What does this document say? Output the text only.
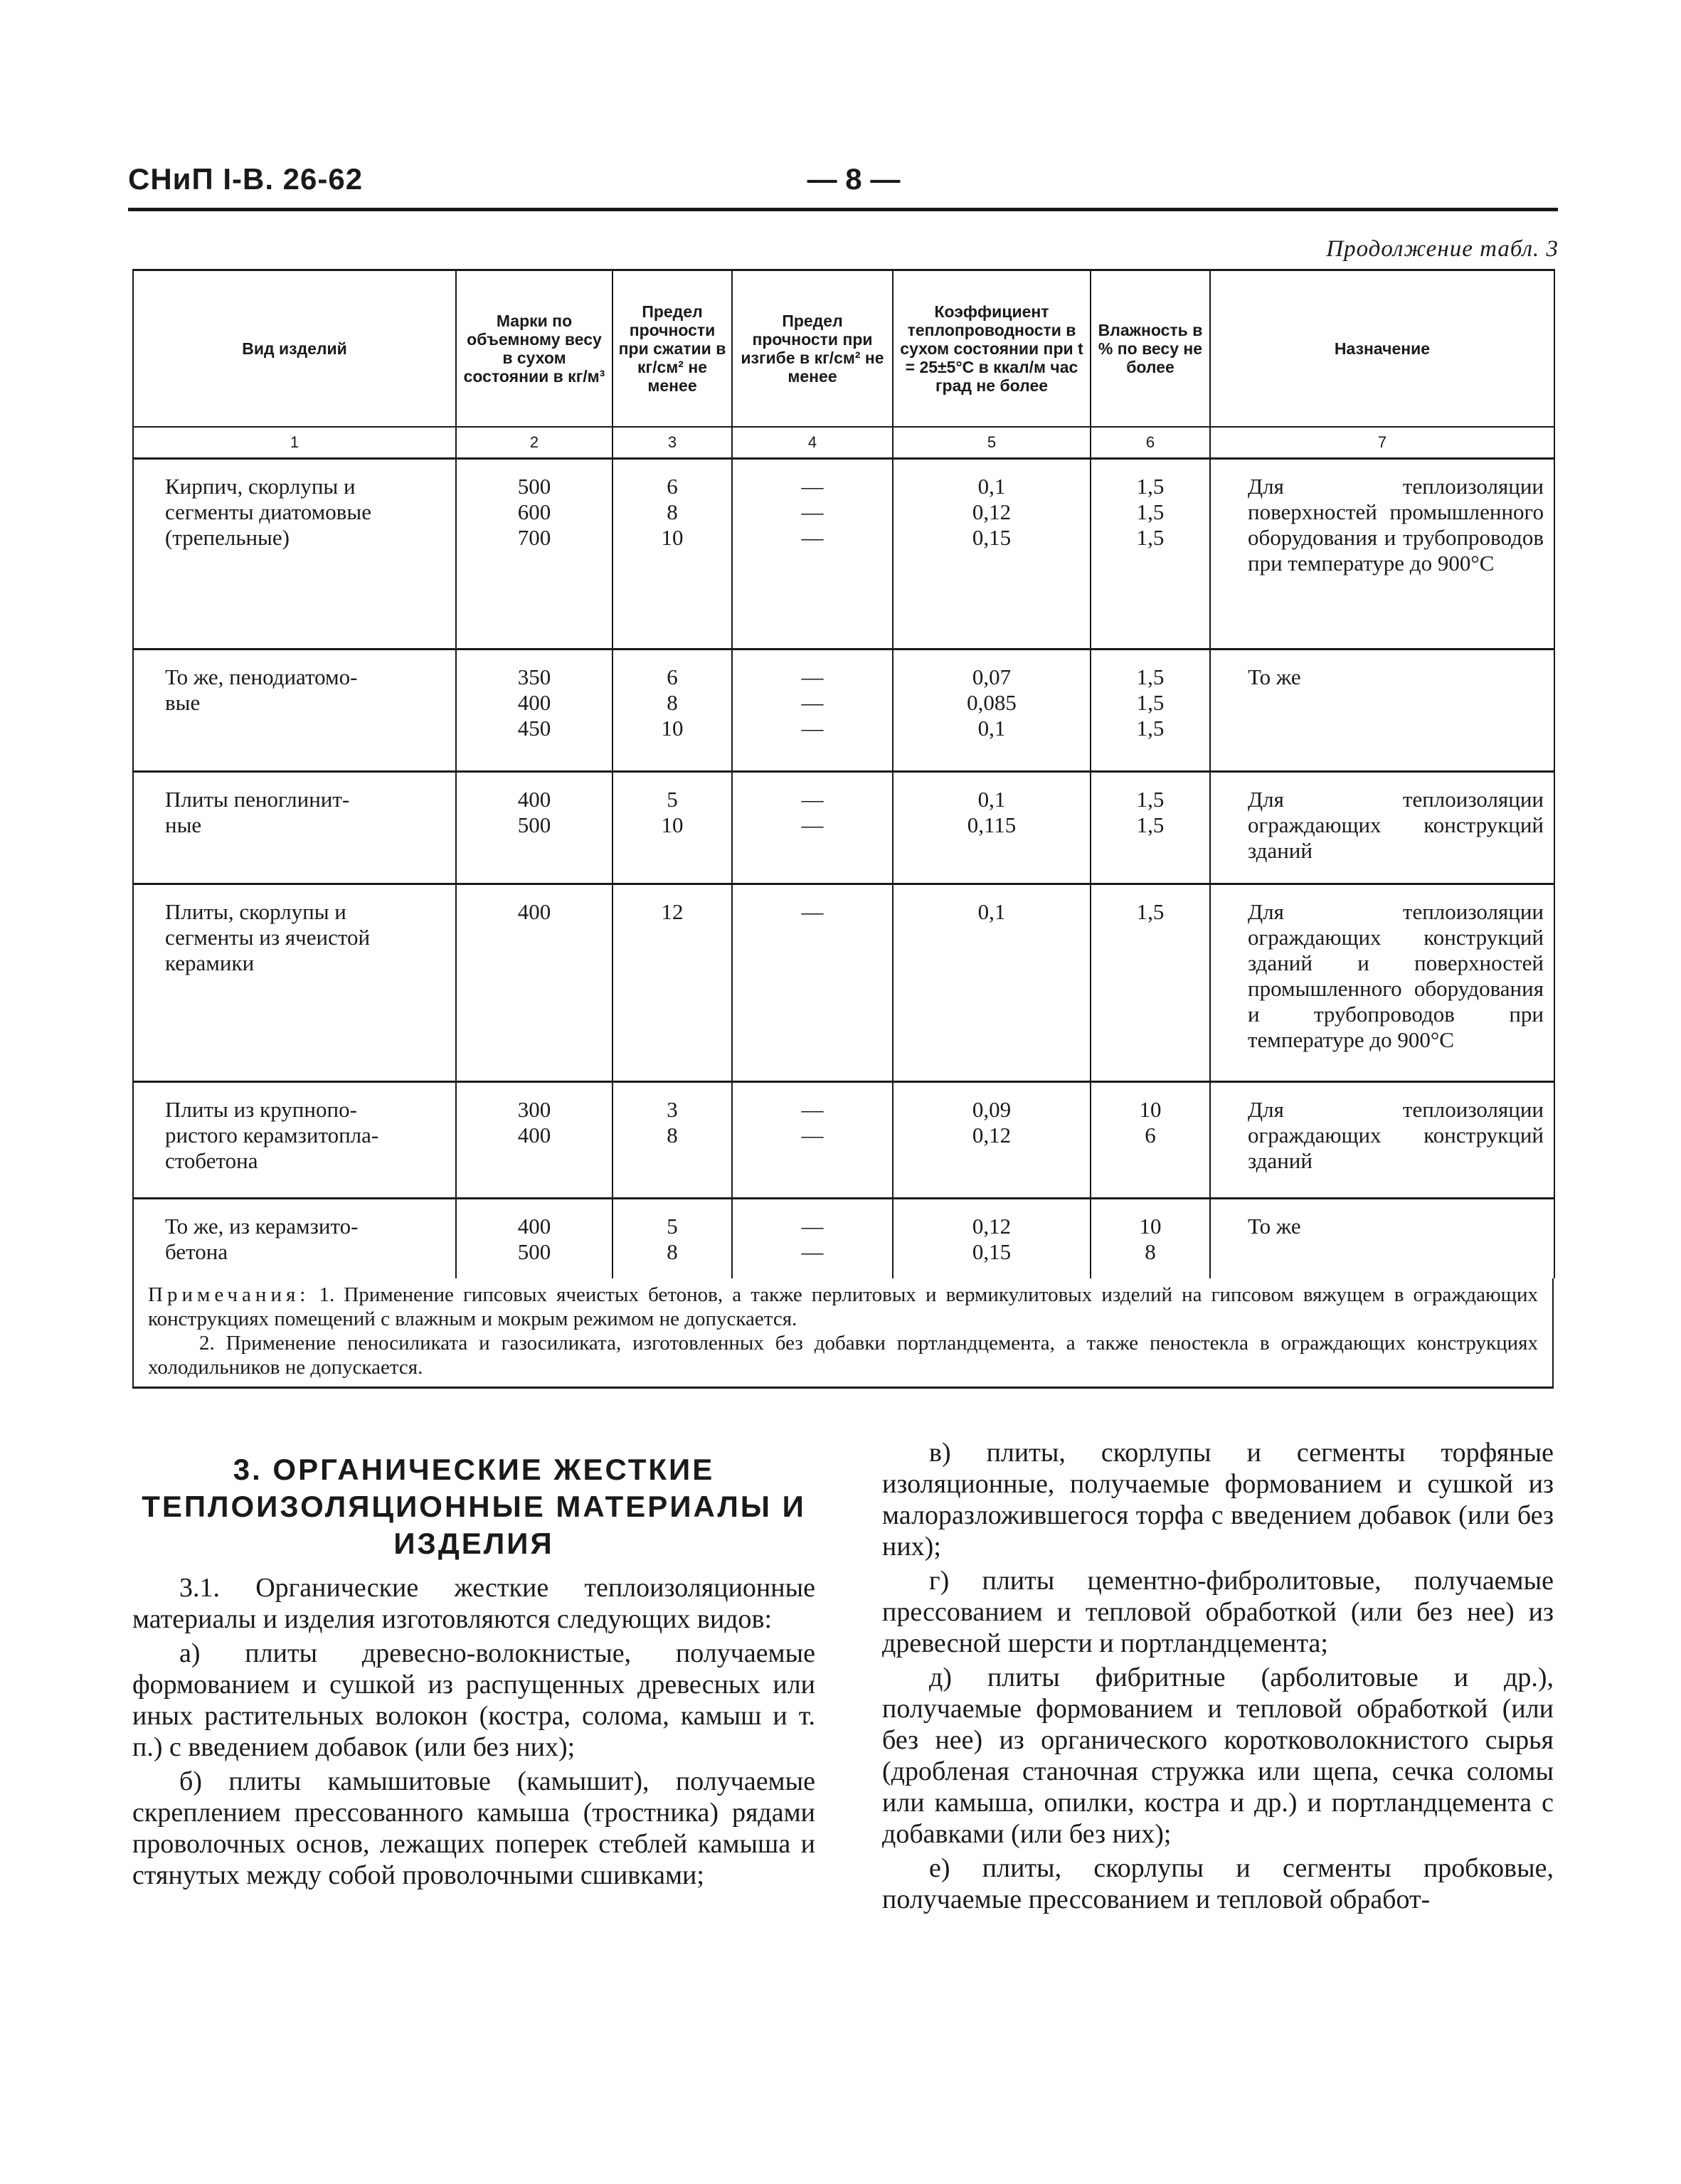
СНиП I-B. 26-62	— 8 —
Продолжение табл. 3
Вид изделий	Марки по объемному весу в сухом состоянии в кг/м³	Предел прочности при сжатии в кг/см² не менее	Предел прочности при изгибе в кг/см² не менее	Коэффициент теплопроводности в сухом состоянии при t = 25±5°C в ккал/м час град не более	Влажность в % по весу не более	Назначение
1	2	3	4	5	6	7

Кирпич, скорлупы и
сегменты диатомовые
(трепельные)	500
600
700	6
8
10	—
—
—	0,1
0,12
0,15	1,5
1,5
1,5	Для теплоизоляции поверхностей промышленного оборудования и трубопроводов при температуре до 900°С

То же, пенодиатомо-
вые	350
400
450	6
8
10	—
—
—	0,07
0,085
0,1	1,5
1,5
1,5	То же

Плиты пеноглинит-
ные	400
500	5
10	—
—	0,1
0,115	1,5
1,5	Для теплоизоляции ограждающих конструкций зданий

Плиты, скорлупы и
сегменты из ячеистой
керамики	400	12	—	0,1	1,5	Для теплоизоляции ограждающих конструкций зданий и поверхностей промышленного оборудования и трубопроводов при температуре до 900°С

Плиты из крупнопо-
ристого керамзитопла-
стобетона	300
400	3
8	—
—	0,09
0,12	10
6	Для теплоизоляции ограждающих конструкций зданий

То же, из керамзито-
бетона	400
500	5
8	—
—	0,12
0,15	10
8	То же

Примечания: 1. Применение гипсовых ячеистых бетонов, а также перлитовых и вермикулитовых изделий на гипсовом вяжущем в ограждающих конструкциях помещений с влажным и мокрым режимом не допускается.

2. Применение пеносиликата и газосиликата, изготовленных без добавки портландцемента, а также пеностекла в ограждающих конструкциях холодильников не допускается.

3. ОРГАНИЧЕСКИЕ ЖЕСТКИЕ ТЕПЛОИЗОЛЯЦИОННЫЕ МАТЕРИАЛЫ И ИЗДЕЛИЯ

3.1. Органические жесткие теплоизоляционные материалы и изделия изготовляются следующих видов:

а) плиты древесно-волокнистые, получаемые формованием и сушкой из распущенных древесных или иных растительных волокон (костра, солома, камыш и т. п.) с введением добавок (или без них);

б) плиты камышитовые (камышит), получаемые скреплением прессованного камыша (тростника) рядами проволочных основ, лежащих поперек стеблей камыша и стянутых между собой проволочными сшивками;

в) плиты, скорлупы и сегменты торфяные изоляционные, получаемые формованием и сушкой из малоразложившегося торфа с введением добавок (или без них);

г) плиты цементно-фибролитовые, получаемые прессованием и тепловой обработкой (или без нее) из древесной шерсти и портландцемента;

д) плиты фибритные (арболитовые и др.), получаемые формованием и тепловой обработкой (или без нее) из органического коротковолокнистого сырья (дробленая станочная стружка или щепа, сечка соломы или камыша, опилки, костра и др.) и портландцемента с добавками (или без них);

е) плиты, скорлупы и сегменты пробковые, получаемые прессованием и тепловой обработ-
